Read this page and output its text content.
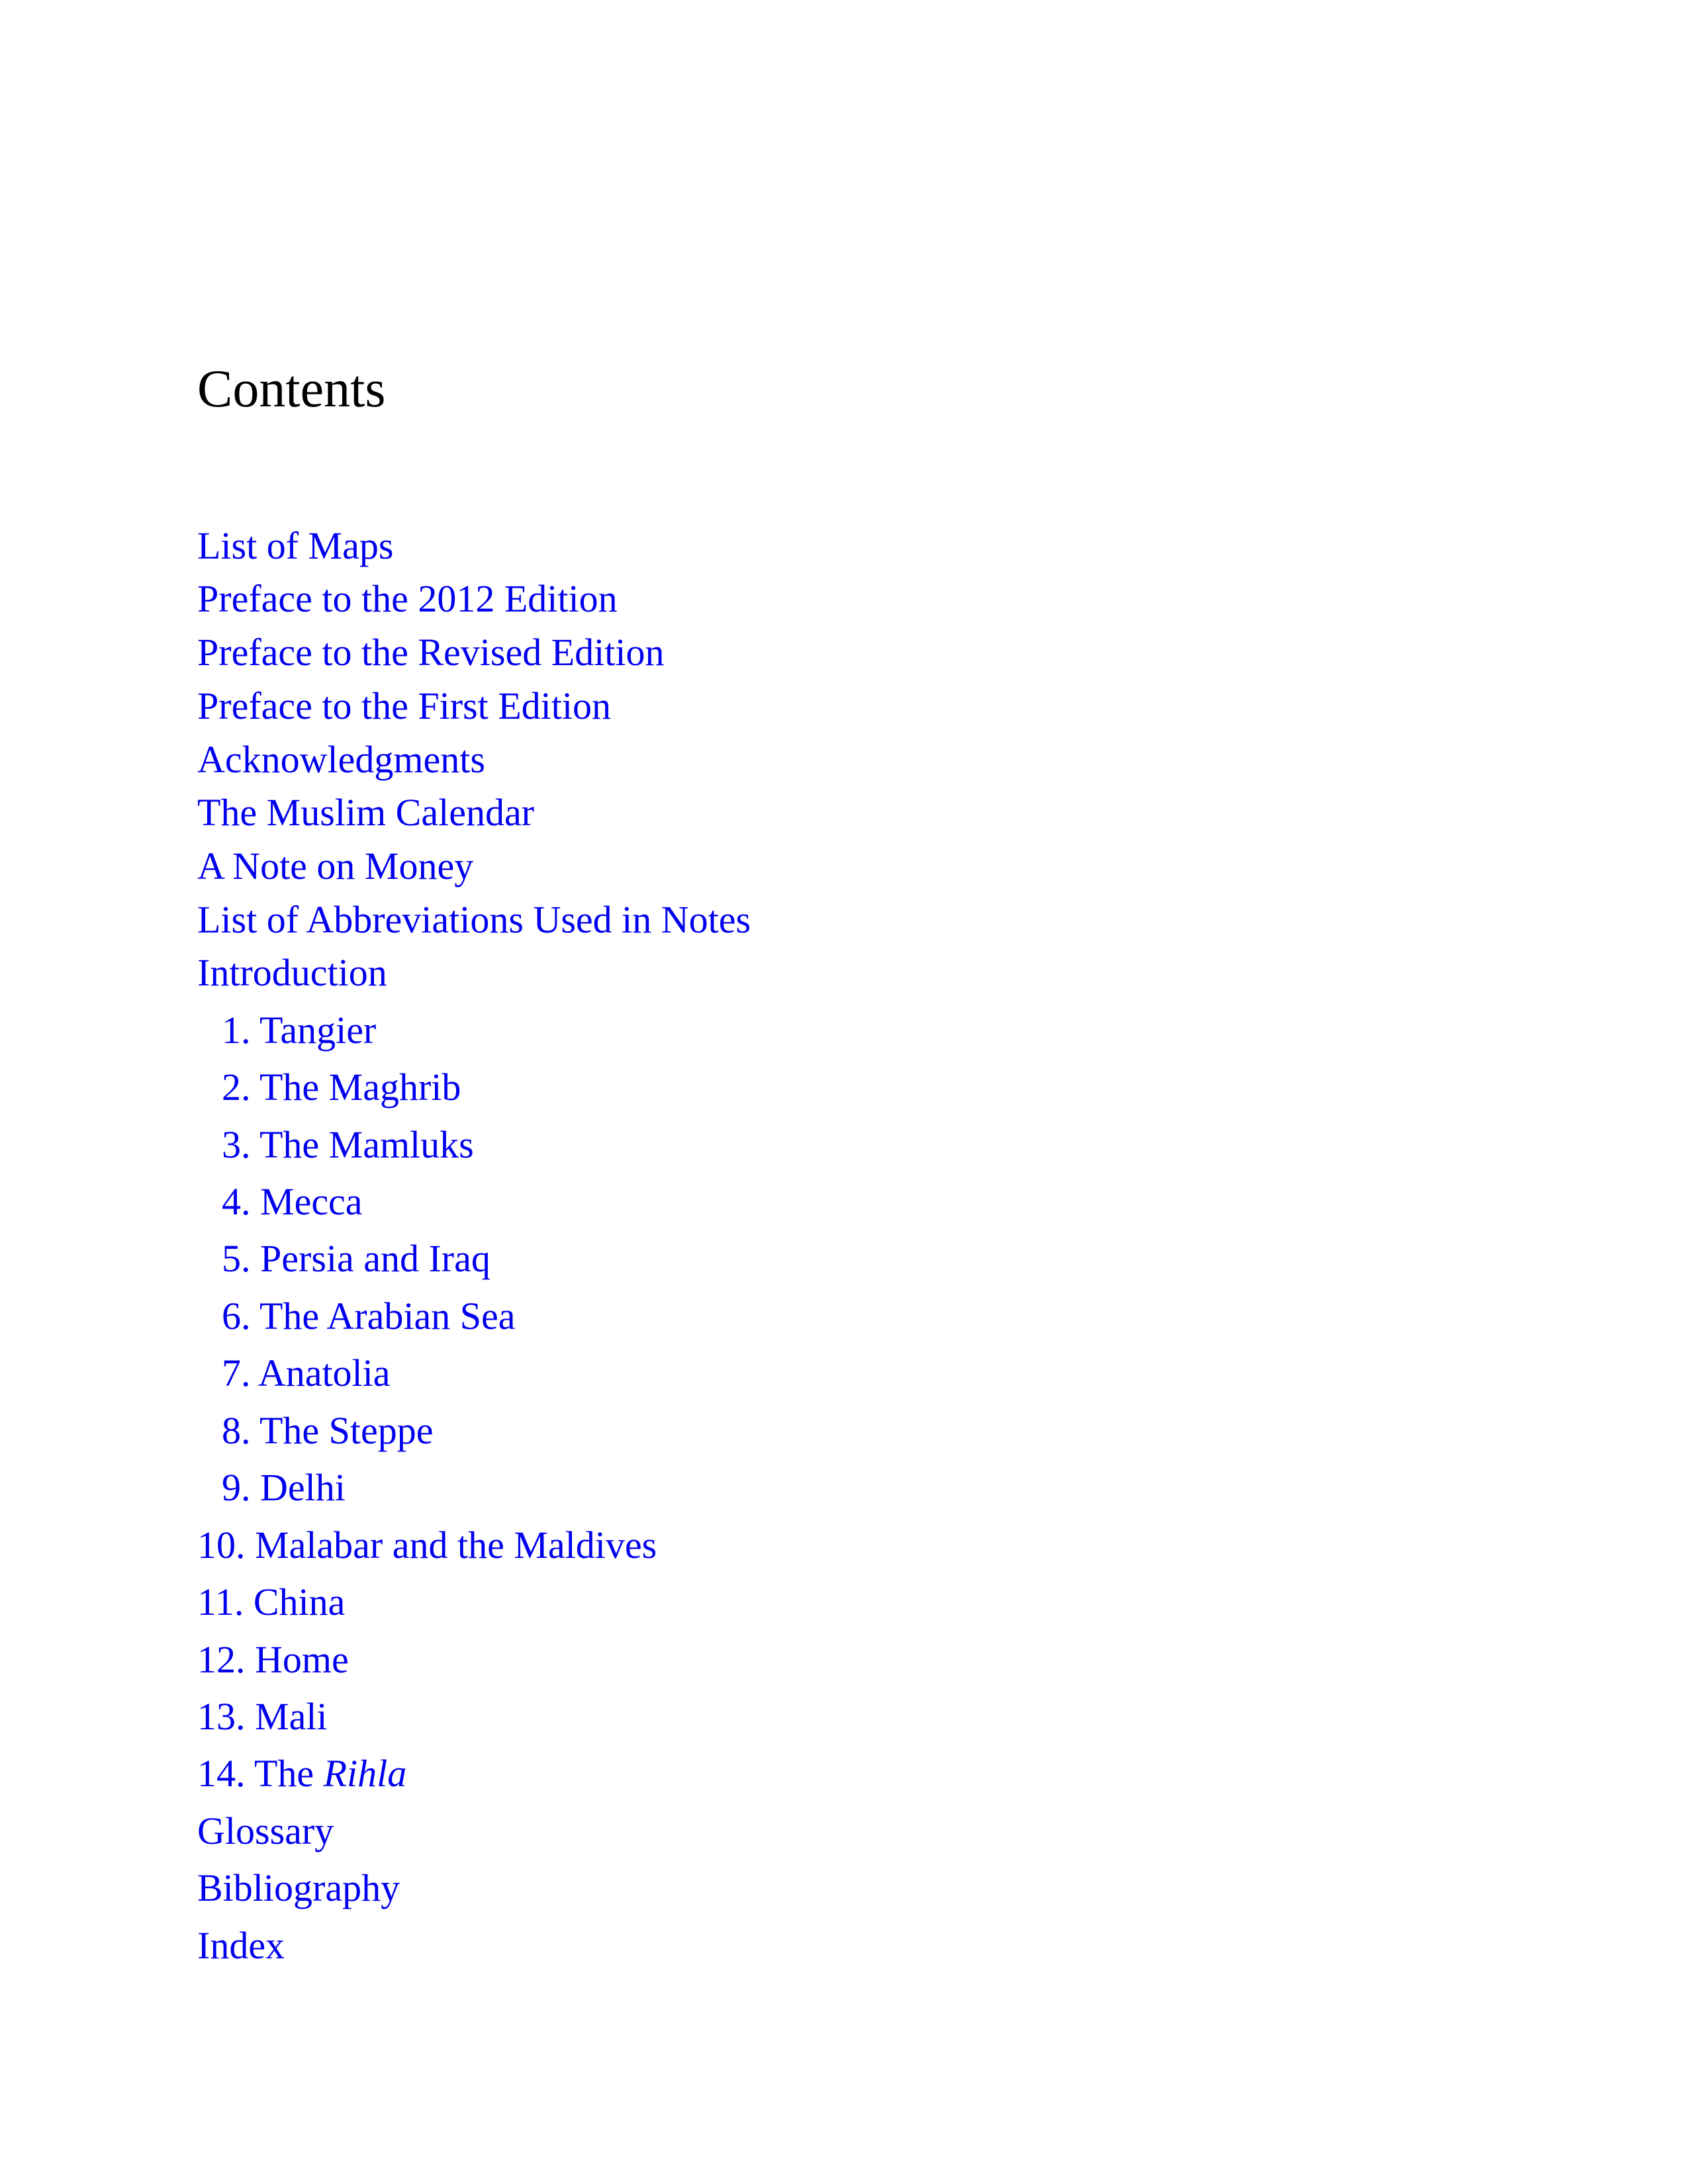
Contents
List of Maps
Preface to the 2012 Edition
Preface to the Revised Edition
Preface to the First Edition
Acknowledgments
The Muslim Calendar
A Note on Money
List of Abbreviations Used in Notes
Introduction
1. Tangier
2. The Maghrib
3. The Mamluks
4. Mecca
5. Persia and Iraq
6. The Arabian Sea
7. Anatolia
8. The Steppe
9. Delhi
10. Malabar and the Maldives
11. China
12. Home
13. Mali
14. The Rihla
Glossary
Bibliography
Index
